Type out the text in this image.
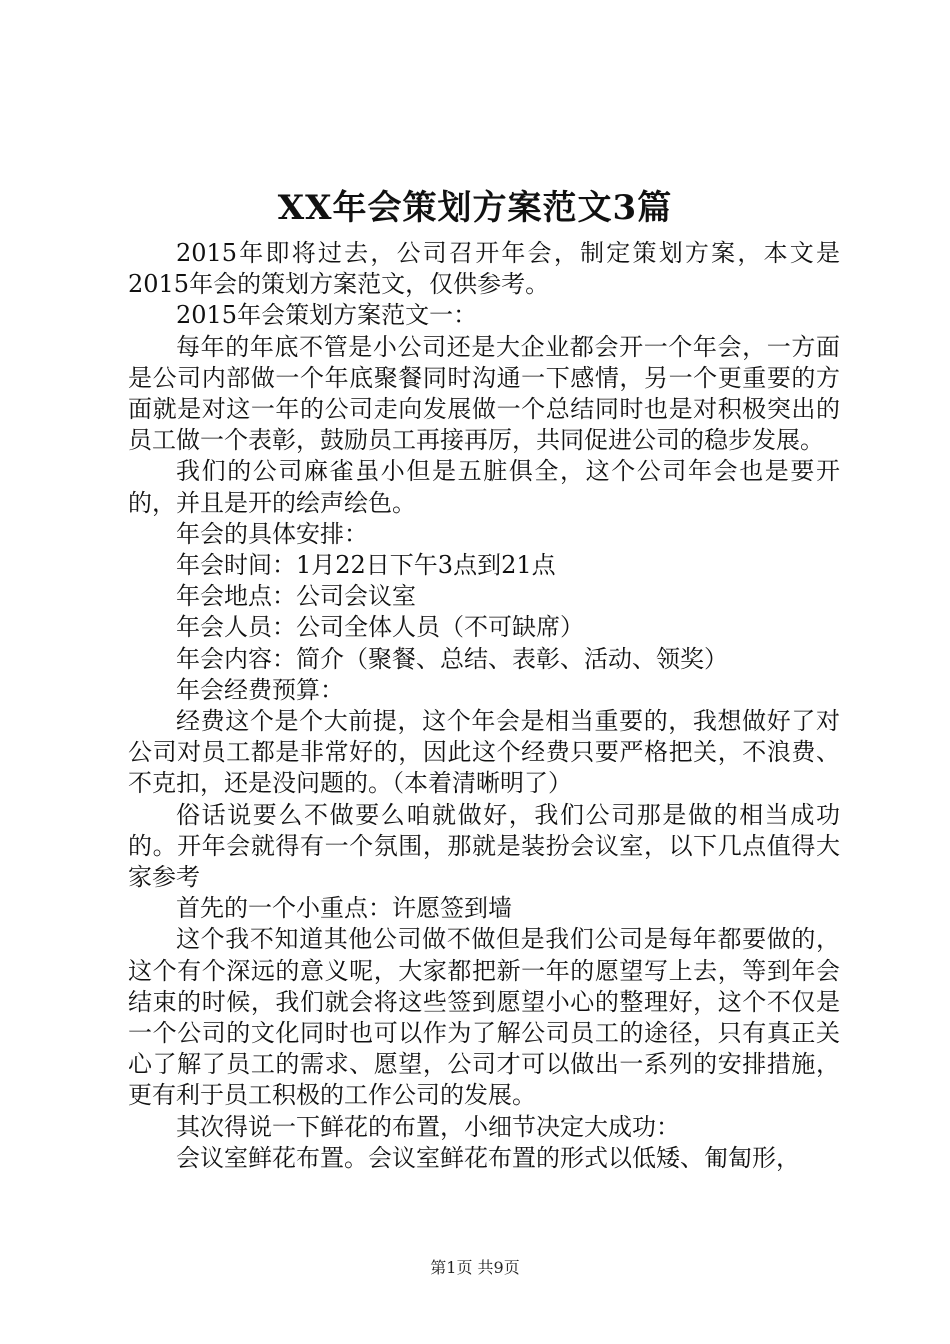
XX年会策划方案范文3篇

2015年即将过去，公司召开年会，制定策划方案，本文是2015年会的策划方案范文，仅供参考。

2015年会策划方案范文一：

每年的年底不管是小公司还是大企业都会开一个年会，一方面是公司内部做一个年底聚餐同时沟通一下感情，另一个更重要的方面就是对这一年的公司走向发展做一个总结同时也是对积极突出的员工做一个表彰，鼓励员工再接再厉，共同促进公司的稳步发展。

我们的公司麻雀虽小但是五脏俱全，这个公司年会也是要开的，并且是开的绘声绘色。

年会的具体安排：

年会时间：1月22日下午3点到21点

年会地点：公司会议室

年会人员：公司全体人员（不可缺席）

年会内容：简介（聚餐、总结、表彰、活动、领奖）

年会经费预算：

经费这个是个大前提，这个年会是相当重要的，我想做好了对公司对员工都是非常好的，因此这个经费只要严格把关，不浪费、不克扣，还是没问题的。（本着清晰明了）

俗话说要么不做要么咱就做好，我们公司那是做的相当成功的。开年会就得有一个氛围，那就是装扮会议室，以下几点值得大家参考

首先的一个小重点：许愿签到墙

这个我不知道其他公司做不做但是我们公司是每年都要做的，这个有个深远的意义呢，大家都把新一年的愿望写上去，等到年会结束的时候，我们就会将这些签到愿望小心的整理好，这个不仅是一个公司的文化同时也可以作为了解公司员工的途径，只有真正关心了解了员工的需求、愿望，公司才可以做出一系列的安排措施，更有利于员工积极的工作公司的发展。

其次得说一下鲜花的布置，小细节决定大成功：

会议室鲜花布置。会议室鲜花布置的形式以低矮、匍匐形，

第1页 共9页
